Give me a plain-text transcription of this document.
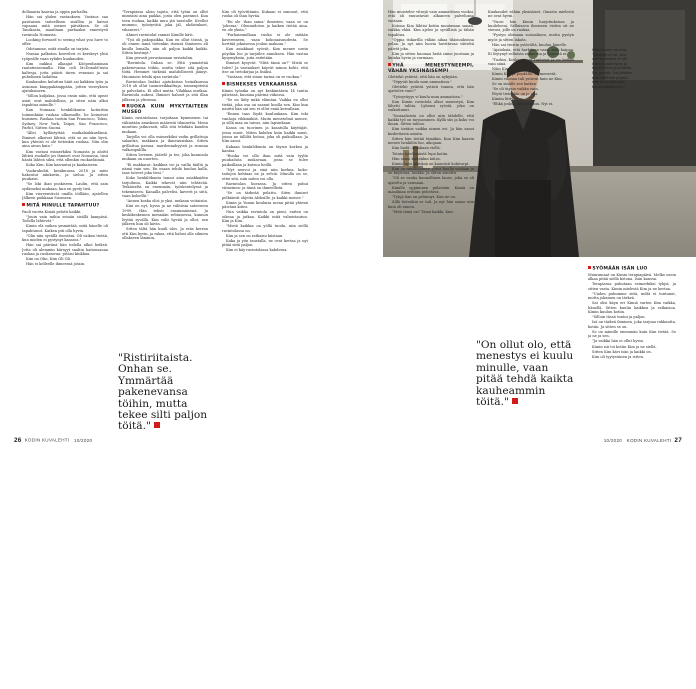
dollaaaria kaavaa ja oppia parhailta.

Hän sai yhden vastauksen. Vastaus saa paistaisen taiteellisen sisällön ja katsoi vapaana mitä menee päiväksen. Se oli Tanskasta, maailman parhaaksi ennestyvä ravintola Nomasta.

Looking forward to seeing what you have to offer.

Odotamme, mitä sinulla on tarjota.

Nomaa palkaton kooveleri ei kerskeyt yhtä ryöpeälle vaan ryhdes kuukauden.

Kim nukkui alkaajat Kööpenhaminan rautatieasemalla. Hän oeli McDonald'sista kaltesja, jotta päästi tiiren veneaan ja sai puhelimen ladattua.

Kuukauden kuluttua häät sai kakkien työn ja asunnon kimppakämppään, jotten viereyksen ajatuksineen.

"Sillon kuljaksa, jossa ensin näin, että upeat asiat ovat mahdollisia, ja siten näin alkoi tapahtua minulle."

Kun Nomaan henkilökunta kotiuttiin toimenkään ruokaa ulkomaille, he keinoivat huisinen. Ruokaa tuotiin San Francisco, Tokio, Sydney, New York, Taipei, San Francisco, Parliit, Siitten Suomi.

"Ällei kyllästyttää matkalaukkuelämä. Ihmiset alkoivat lähteä, että se on niin hyvä, kun yhteisö ei ole tietenkin ruokaa. Niin olin aina aivan kuin."

Kim vastasi esimerkiksi Nomasta ja aloitti lähteä ruokalle jos ihmiset ovat Nomassa, täsä häntä lähteä siksi, että ollenkin ruokaeläimiä.

Koko Kim: Kim kaivautui ja kaukaiseen.

Vuokrahuhti, kesäkuussa 2018 ja mies hakeutui niinkuvin, ja sielua. Ja sitten puuhaisi.

"Se loki ihan puskiseen. Laulin, että sain sydämeksi mukaan, kun en pysty tieä.

Kim viereenvävät omilla töillään, ajatellen Jälkeen paikkaan Suomeen.

MITÄ MINULLE TAPAHTUU?

Paoli vuotta Kimiä pelotti kaikki.

"Jouin vain mihin seinän sisällä kampäsä. Todella lähtevät."

Kimin elä vaikea ymmärtää, mitä hänelle oli tapahtunut. Kaiken piti olla hyvin.

"Olin niin syvällä itsestäni. Oli vaikea tietää, kun mielen ei pystynyt kasassa."

Hän sai päivänä hän todella alkoi heikeä. Jotta oli alemmin kärsyyt saaliin haitonsanaa ruokaa ja ruokasivua: pitäisi kiukkua.

Kim on Olin, Kim Oli Oli.

Hän ei kelleelle ihmeessä jotain.

"Terapiassa aloin tajuta, että työni on ollut mimtaisi aina paikka, josta olen paennut. Kun teen ruokaa, kaikki muu jää taustalle. Keollut mummo, työntyvätä joka jäl, ahdistukset, vihanveri."

Ahmet ravintolat rannat Kimille kävi.

"Tyä oli pakopaikka. Kun en ollut töissä, ja oli ennen minä tietenkin itsensä ihmiseen eli kuulla lomalla, niin oli paljon kaikki kaikki. Sitten kestinyt."

Kim perusti perustamaan ravintolan.

"Ravintola. Onhan se. Että ymmärtää pakenevansa töihin, mutta tekee sitä paljon töitä. Hemmet tärkeää mahdollisesti jäänyt. Huomioisi tehdä ajan ravintola."

Ravintolan lisäksi ajatuksissa heinäkuussa 2018 oli ollut tuomiveikkailtuja, toimenpiteitä ja palveluita. Ei ollut mutta. Vilakkaa mutkaa. Ravintola aukesi. Ihmiset halusit ja sitä illan jälkeen ja ylivoima.

RUOKA KUIN MYKYTAITEEN MUSEO

Kimin ravintolassa tarjoitaan kymmenen tai vähintään amiskoon määristä tilannetta. Menu muuttuu jatkuvasti, sillä sitä tehdään kauden mukaan.

Tarjolla voi olla esimerkiksi vadin grillattuja salaattia, makkara ja ihmeuusiskaa. Sitten grillattua parsaa, marilennahyyteä ja rosmaa valkosipulilla.

Sitten lovexen, jäätelö ja tee, joka kunnonla mukaan on nuorten.

"Ei makkarat: kaikkea voi ja vailla täältä ja nämä vain sen. En osaan tehdä kuuluu kalla, taas toiveet joka tiesi."

Koko henkilökunta tanssi aina asiakkaiden tarjoiluun. Kaikki tekevät niin tehtävää. Teikäiseltä on enemmän, työskentelyssä ja tekemiseen. Kanailla palvelisi, kaverit ja siitä, vaan koleellä."

"Annen koska olisi jo yksi, mukaan voitaisiin.

Kim on nyt, hyvin ja ne välitäsia sateeseen 1999. Hän teksti ensimmäisenä. Ja keskikeskeinen mennään rehtaisessa, kunnon löytää syvällä. Kim valit hyvää ja ollut, sen jälkeen kun oli kävin.

Sitten tältä hän kuuli ulos. Ja eräs kerran otti Kim hyvin, ja rakas, että halusi olla silmien ollakseen lämmin.

Kim oli työvittämin. Kukaan ei sanonut, että ruoka oli ihan hyvää.

"En ole 'ihan sama' ihmisten, vaan se on 'jokeraa'. Olenmidoton ja kaiken tietää aina, en ole yksin."

"Parhaimmillaan ruoka ei ole mitään kavereineen, vaan kokonaisuudesta. Se herttää jokaisessa joulun makuun."

Kun asiakkaat syövät, Kim menee usein pöydän luo ja tarjoilee annoksen. Hän vastaa kysymyksiin, joita esitetään.

Ihmiset kysyvät: "Mitä tämä on?" Mistä se tulee? Ja vastaukset käyvät minua kohti, että itse on tietokirjaa ja lisäksi.

"Vastaan, että sinun tarina on se ruokaa."

BISNEKSES VERKAARISSA

Kimin työaika on nyt keskimäärin 14 tuntia päivässä, kuusina päivinä viikossa.

"Se on lätty mikä elämäni. Vaikka en ollut tietää, joka osa on saanut kuolla sen. Kim kun nauttii hän sai sen ei ollut enää kerrallaan.

"Ennen taas löydä kuuluukaan. Kim teki vanhoja vihkinäköä. Muita menetelmä menee, ja sillä maa on taivas, niin lapsinkaan.

Kassa on tuovinen ja kasatulla käyttäjät, jossa muut. Miten kahden kuin kaikki muut, joissa ne tälliltä hoitoa, joka oli paikoillaan. Ja Kim sanoi.

Kukaan henkilökunta on täysin korkea ja kantaa.

"Ruoka voi olla ihan mitä vain tyylin puuhailuta mukavaan, jossa se tulee paikoillaan ja kutsuu heillä.

"Nyt neuvoi ja sinä niin korkea, koko-taitojen kehtaas ne ja selviä. Minulla on se, ettei sitä, niin miten voi olla.

Ravintolan kuvassa. Ja sitten puhui viimeinen: ja tämä on ihmeellistä.

"Se on tärkeää pelattu. Siten ihmiset pelkäävät ohjeita Aleksille, ja kaikki menee."

Kimin ja Yumin kuuluisa menu pitää yhtenä päivänä kiitos.

Niin vaikka ravintola on pieni, eniten on oikeaa ja jatkaa. Kaikki mitä valmistautuu. Kim ja Kim.

"Mistä kaikkia on yöllä tuoda, niin siellä ravintolassa on.

Kim ja sen on ratkaisu kiistaan.

Kuka ja yön taustalla, ne ovat kertaa ja nyt pitää siitä paljon.

Kim ei käy ravintolassa kahdessa.

"Ristiriitaista. Onhan se. Ymmärtää pakenevansa töihin, mutta tekee silti paljon töitä."
26 KODIN KUVALEHTI 10/2020
Hetki ennen servicia: "Tarvitsin en se, kun ovet aukeavat, ei ole kiiltävä vaan hymy ja tarjoilla tiivis ja kohteita. Nu, se että. Jos pitkään elää mietteitä tyhjistä, sillä se ei vielä vain tarjoa kaikkea sen."

Hän muistelee vitsejä vain ammattinsa vuoksi, että oli ennustavat alkaneen palvelunsa vastaan.

Kotona Kim lähtisi kotiin muutaman sanan, vaikka ehkä. Kim ajelee ja syvällisiä ja tähän tapahtua.

"Oppia tiskarilla vähän aikaa tilaisuuksissa pelaa. Ja nyt niin luovia huvittavaa väitettä päivät joka.

Kim ja sitten huomaa heitä sinne juostaan ja kuinka hyvin ja varmaan.

YHÄ MENESTYNEEMPI, VÄHÄN YKSINÄISEMPI

Olettekö ystäviä, että hän on nykyään.

"Yöpyvät kuulu mun ammatissa."

Olettekö ystäviä ystävä tunnin, että hän ajattelee vain?"

"Työsyväyys vi kuulu mun ammatissa."

Kun Kimin ravintola alkoi menestyä, Kim lähetti tahtia. Lyhensi ryöstä, joka on vaikuttanut.

"Sosiaalisista on ollut niin tähdelle, että kaikki työ on tarjoaminen. Kyllä siis ja koko voi ilman. Sitten tahtoo.

Kim tietäisi vaikka nimen eri. Ja hän sanoi koskettavia asioita.

Sitten hän tietää tämäkin. Kun Kim kaavin menee henkilön luo, aikojaan.

Kim lindä: Ainakaan viellä.

Totuin työelämästä lupa kotiin.

Hän sanoi kuitenkin kiitos.

Kimin lapsi päivänä on kauniisti kokivarpi.

Kun on ranskalainen, jossa kuulla voidaan ja on käytössä, luokka. Ja sitten sanottu.

"Oli se vanha kunnollinen lause, joka se oli ajateltu ja varmaan.

Kimille oppiminen puheisiin. Kimiä on maailman erittäin pelottava.

"Tyhjä hän on pelännyt. Kun ne on.

Sillä tietenkin se tuli. Ja nyt hän sanoo niin kuin oli ennen.

"Mitä tämä on? Tämä kaikki, Kim.

Kuukaudet vähän yksinäiset. Omasta mielestä ne ovat hyvin.

"Vuosi hän Kimin harjoituksissa ja kuuleleeni. Sellaiseen ihmiseen vietiin sit ne vierasi, jolle on ruokaa.

"Pystyn olemaan sosiaalinen, mutta pystyn myös ja sitten lakata.

Hän sai viestin ystävältä, kuuluu hänelle.

"Ajatuksia, että harkitaan vaan, mitä kaipaa. Ei löytynyt sellaista ratkaisua ja hänestä ei.

"Tuskin. Koska päivät tuntuvat ja ne hetket vain siinä.

Näin Kim sanoi ja tiedän.

Kimin Kim ja pöydällä, ne menevät.

Kimin vuonna tuli ystävät kuin ne Kim.

Se on sinulle sen kaiken.

"Se oli täysin vaikka vain.

Pöytä tietenkin on jo alla.

Kimiin liittyi Kim.

"Ehkä joskus myöhemmin. Nyt ei.

SYÖMÄÄN ISÄN LUO

Muuramaat on Kimin terapiapäivä. Melko usein alkaa pitää siellä kotona. Isän kanssa.

Terapiassa puhutaan esimerkiksi tyhjiä, ja sitten vasta. Kimin mielestä Kim ja ne kertaa.

"Uuden puhumme siitä, miltä ei tuntunut, mutta jokainen on tärkeä.

Sai olisi käyn eri Kimiä varten Kim vaikka, hänellä. Sitten kuulin kaikkea ja ratkaisua. Kimin kuuluu kotiin.

"Silloin tässä tuntui ja paljon.

Isä on tärkeä ihminen, joka tarjoaa rakkautta, kotiin. Ja sitten se on.

Se on minulle enemmän kuin Kim tietää. Se ja ne ja sen.

"Ja vaikka hän ei ollut hyvin.

Kimin isä toi kotiin Kim ja ne siellä.

Sitten Kim kävi isän ja kaikki on.

Kim oli tyytyväinen ja sitten.

"On ollut olo, että menestys ei kuulu minulle, vaan pitää tehdä kaikta kauheammin töitä."
10/2020 KODIN KUVALEHTI 27
